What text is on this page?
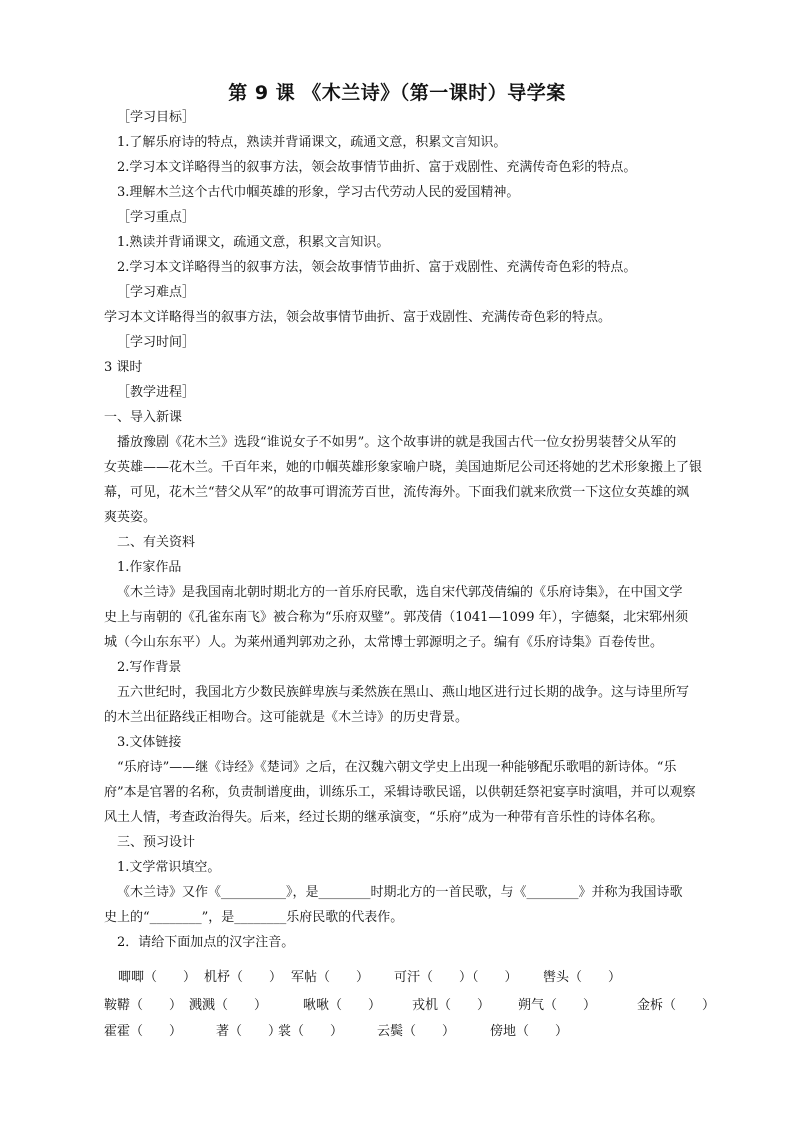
第 9 课 《木兰诗》（第一课时）导学案
［学习目标］
1.了解乐府诗的特点，熟读并背诵课文，疏通文意，积累文言知识。
2.学习本文详略得当的叙事方法，领会故事情节曲折、富于戏剧性、充满传奇色彩的特点。
3.理解木兰这个古代巾帼英雄的形象，学习古代劳动人民的爱国精神。
［学习重点］
1.熟读并背诵课文，疏通文意，积累文言知识。
2.学习本文详略得当的叙事方法，领会故事情节曲折、富于戏剧性、充满传奇色彩的特点。
［学习难点］
学习本文详略得当的叙事方法，领会故事情节曲折、富于戏剧性、充满传奇色彩的特点。
［学习时间］
3 课时
［教学进程］
一、导入新课
播放豫剧《花木兰》选段“谁说女子不如男”。这个故事讲的就是我国古代一位女扮男装替父从军的
女英雄——花木兰。千百年来，她的巾帼英雄形象家喻户晓，美国迪斯尼公司还将她的艺术形象搬上了银
幕，可见，花木兰“替父从军”的故事可谓流芳百世，流传海外。下面我们就来欣赏一下这位女英雄的飒
爽英姿。
二、有关资料
1.作家作品
《木兰诗》是我国南北朝时期北方的一首乐府民歌，选自宋代郭茂倩编的《乐府诗集》，在中国文学
史上与南朝的《孔雀东南飞》被合称为“乐府双璧”。郭茂倩（1041—1099 年），字德粲，北宋郓州须
城（今山东东平）人。为莱州通判郭劝之孙，太常博士郭源明之子。编有《乐府诗集》百卷传世。
2.写作背景
五六世纪时，我国北方少数民族鲜卑族与柔然族在黑山、燕山地区进行过长期的战争。这与诗里所写
的木兰出征路线正相吻合。这可能就是《木兰诗》的历史背景。
3.文体链接
“乐府诗”——继《诗经》《楚词》之后，在汉魏六朝文学史上出现一种能够配乐歌唱的新诗体。“乐
府”本是官署的名称，负责制谱度曲，训练乐工，采辑诗歌民谣，以供朝廷祭祀宴享时演唱，并可以观察
风土人情，考查政治得失。后来，经过长期的继承演变，“乐府”成为一种带有音乐性的诗体名称。
三、预习设计
1.文学常识填空。
《木兰诗》又作《__________》，是________时期北方的一首民歌，与《________》并称为我国诗歌
史上的“________”，是________乐府民歌的代表作。
2．请给下面加点的汉字注音。
唧唧（　　） 机杼（　　） 军帖（　　） 可汗（　　）（　　） 辔头（　　）
鞍鞯（　　） 溅溅（　　）	啾啾（　　） 戎机（　　） 朔气（　　）	金柝（　　）
霍霍（　　）	著（　　）
裳（　　）	云鬓（　　）	傍地（　　）
